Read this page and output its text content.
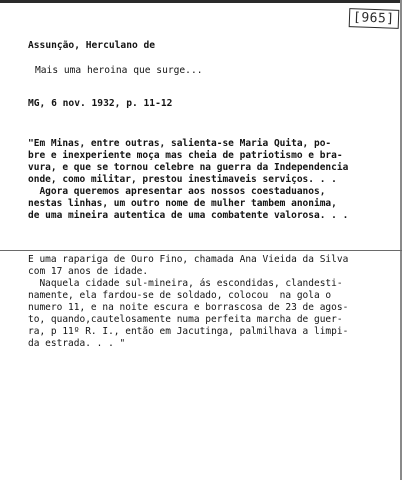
[965]
Assunção, Herculano de
Mais uma heroina que surge...
MG, 6 nov. 1932, p. 11-12
"Em Minas, entre outras, salienta-se Maria Quita, po-
bre e inexperiente moça mas cheia de patriotismo e bra-
vura, e que se tornou celebre na guerra da Independencia
onde, como militar, prestou inestimaveis serviços. . .
Agora queremos apresentar aos nossos coestaduanos,
nestas linhas, um outro nome de mulher tambem anonima,
de uma mineira autentica de uma combatente valorosa. . .
E uma rapariga de Ouro Fino, chamada Ana Vieida da Silva
com 17 anos de idade.
Naquela cidade sul-mineira, ás escondidas, clandesti-
namente, ela fardou-se de soldado, colocou  na gola o
numero 11, e na noite escura e borrascosa de 23 de agos-
to, quando,cautelosamente numa perfeita marcha de guer-
ra, p 11º R. I., então em Jacutinga, palmilhava a limpi-
da estrada. . . "
